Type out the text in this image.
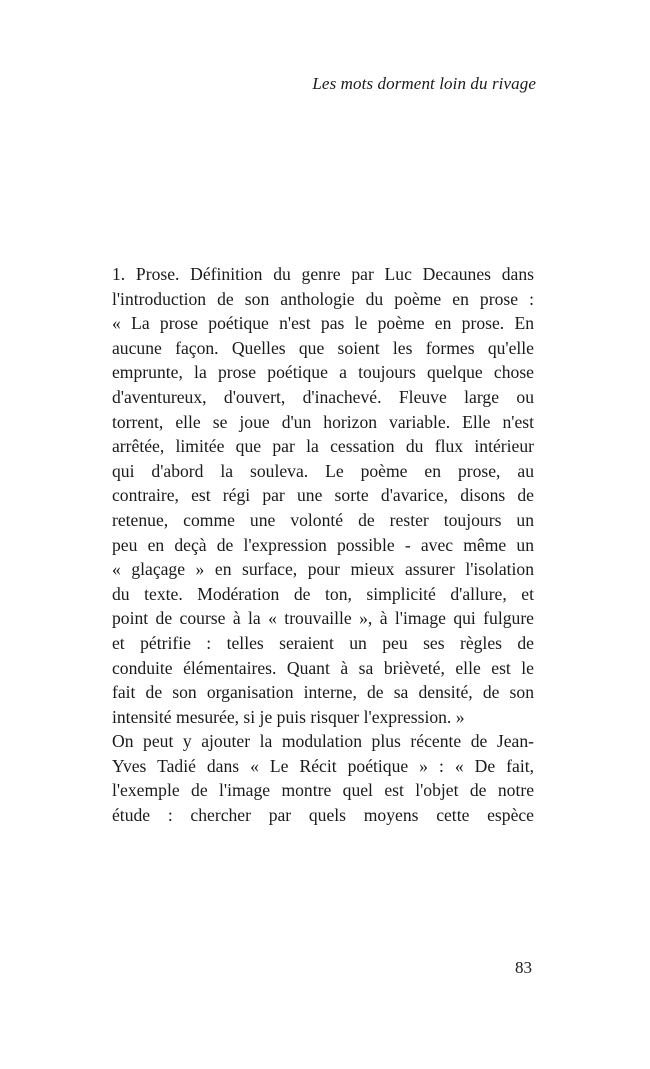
Les mots dorment loin du rivage
1. Prose. Définition du genre par Luc Decaunes dans
l'introduction de son anthologie du poème en prose :
« La prose poétique n'est pas le poème en prose. En
aucune façon. Quelles que soient les formes qu'elle
emprunte, la prose poétique a toujours quelque chose
d'aventureux, d'ouvert, d'inachevé. Fleuve large ou
torrent, elle se joue d'un horizon variable. Elle n'est
arrêtée, limitée que par la cessation du flux intérieur
qui d'abord la souleva. Le poème en prose, au
contraire, est régi par une sorte d'avarice, disons de
retenue, comme une volonté de rester toujours un
peu en deçà de l'expression possible - avec même un
« glaçage » en surface, pour mieux assurer l'isolation
du texte. Modération de ton, simplicité d'allure, et
point de course à la « trouvaille », à l'image qui fulgure
et pétrifie : telles seraient un peu ses règles de
conduite élémentaires. Quant à sa brièveté, elle est le
fait de son organisation interne, de sa densité, de son
intensité mesurée, si je puis risquer l'expression. »
On peut y ajouter la modulation plus récente de Jean-
Yves Tadié dans « Le Récit poétique » : « De fait,
l'exemple de l'image montre quel est l'objet de notre
étude : chercher par quels moyens cette espèce
83
